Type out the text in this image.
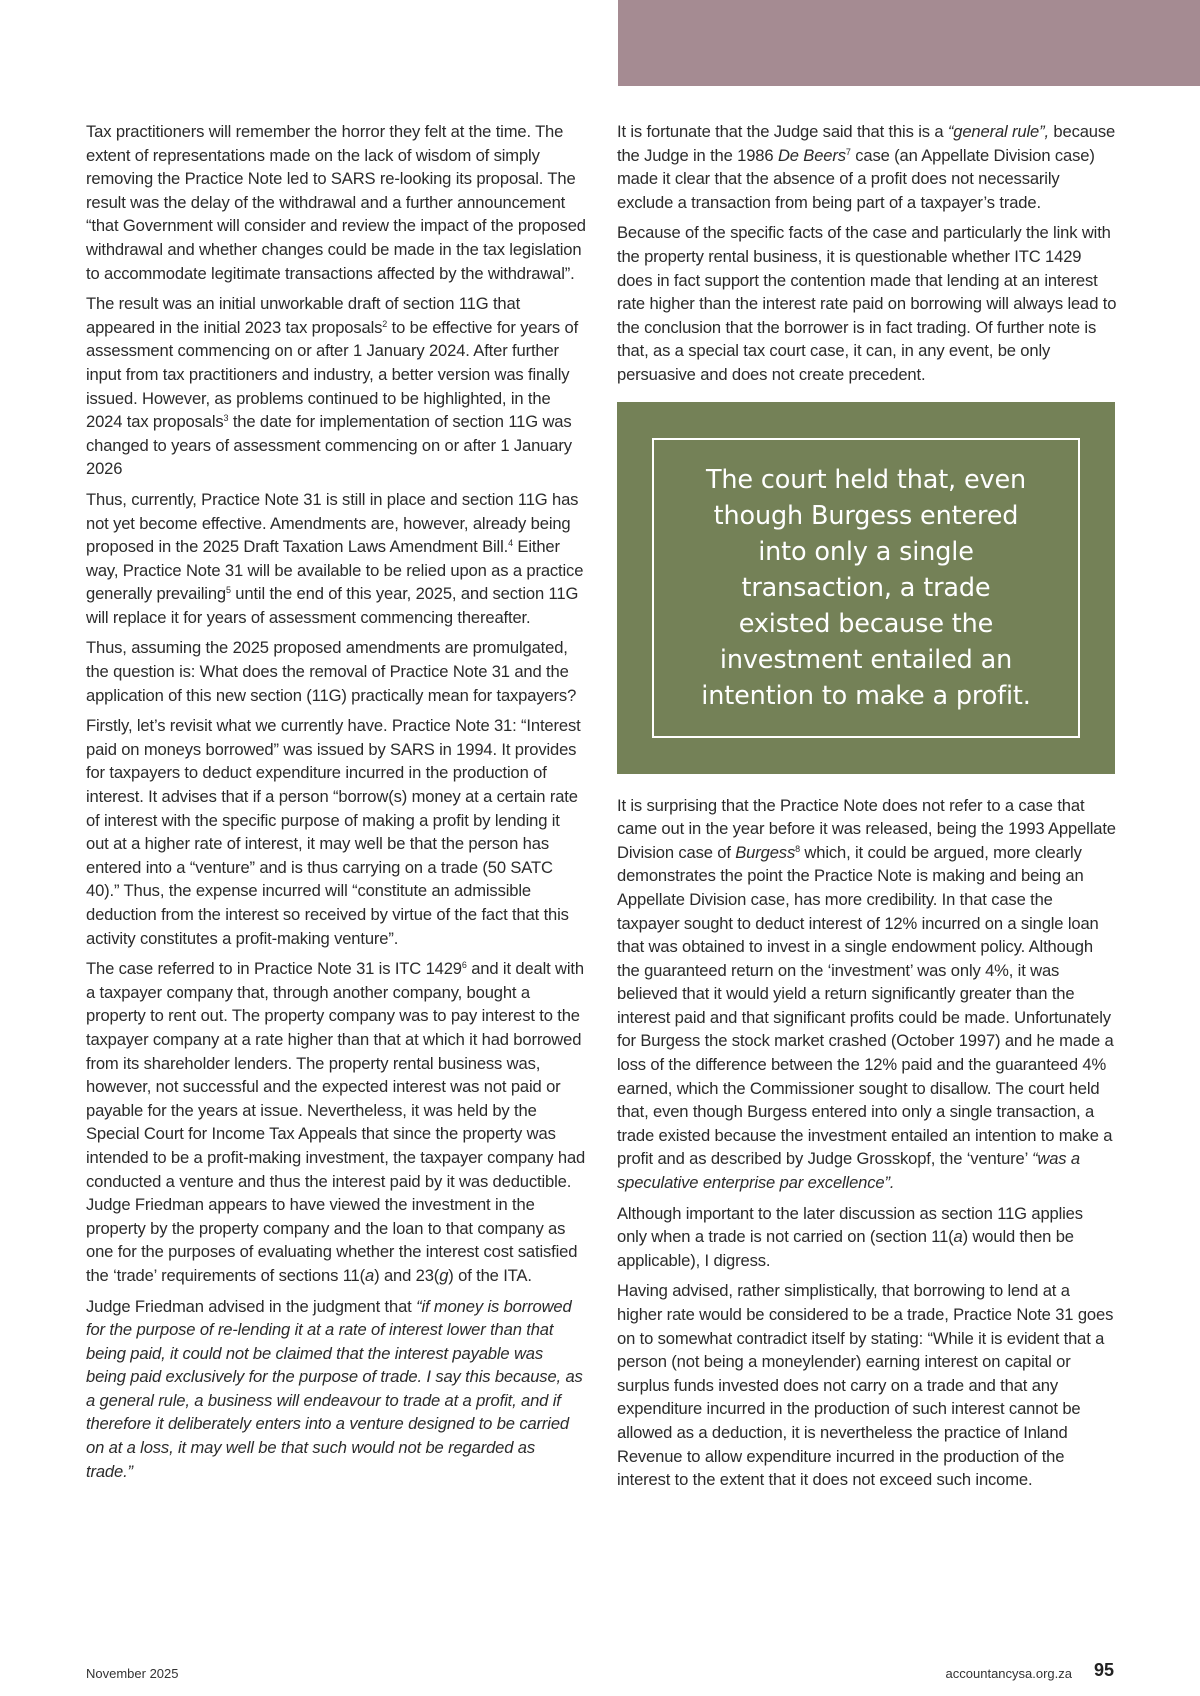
Tax practitioners will remember the horror they felt at the time. The extent of representations made on the lack of wisdom of simply removing the Practice Note led to SARS re-looking its proposal. The result was the delay of the withdrawal and a further announcement “that Government will consider and review the impact of the proposed withdrawal and whether changes could be made in the tax legislation to accommodate legitimate transactions affected by the withdrawal”.

The result was an initial unworkable draft of section 11G that appeared in the initial 2023 tax proposals$^2$ to be effective for years of assessment commencing on or after 1 January 2024. After further input from tax practitioners and industry, a better version was finally issued. However, as problems continued to be highlighted, in the 2024 tax proposals$^3$ the date for implementation of section 11G was changed to years of assessment commencing on or after 1 January 2026

Thus, currently, Practice Note 31 is still in place and section 11G has not yet become effective. Amendments are, however, already being proposed in the 2025 Draft Taxation Laws Amendment Bill.$^4$ Either way, Practice Note 31 will be available to be relied upon as a practice generally prevailing$^5$ until the end of this year, 2025, and section 11G will replace it for years of assessment commencing thereafter.

Thus, assuming the 2025 proposed amendments are promulgated, the question is: What does the removal of Practice Note 31 and the application of this new section (11G) practically mean for taxpayers?

Firstly, let’s revisit what we currently have. Practice Note 31: “Interest paid on moneys borrowed” was issued by SARS in 1994. It provides for taxpayers to deduct expenditure incurred in the production of interest. It advises that if a person “borrow(s) money at a certain rate of interest with the specific purpose of making a profit by lending it out at a higher rate of interest, it may well be that the person has entered into a “venture” and is thus carrying on a trade (50 SATC 40).” Thus, the expense incurred will “constitute an admissible deduction from the interest so received by virtue of the fact that this activity constitutes a profit-making venture”.

The case referred to in Practice Note 31 is ITC 1429$^6$ and it dealt with a taxpayer company that, through another company, bought a property to rent out. The property company was to pay interest to the taxpayer company at a rate higher than that at which it had borrowed from its shareholder lenders. The property rental business was, however, not successful and the expected interest was not paid or payable for the years at issue. Nevertheless, it was held by the Special Court for Income Tax Appeals that since the property was intended to be a profit-making investment, the taxpayer company had conducted a venture and thus the interest paid by it was deductible. Judge Friedman appears to have viewed the investment in the property by the property company and the loan to that company as one for the purposes of evaluating whether the interest cost satisfied the ‘trade’ requirements of sections 11(a) and 23(g) of the ITA.

Judge Friedman advised in the judgment that “if money is borrowed for the purpose of re-lending it at a rate of interest lower than that being paid, it could not be claimed that the interest payable was being paid exclusively for the purpose of trade. I say this because, as a general rule, a business will endeavour to trade at a profit, and if therefore it deliberately enters into a venture designed to be carried on at a loss, it may well be that such would not be regarded as trade.”

It is fortunate that the Judge said that this is a “general rule”, because the Judge in the 1986 De Beers$^7$ case (an Appellate Division case) made it clear that the absence of a profit does not necessarily exclude a transaction from being part of a taxpayer’s trade.

Because of the specific facts of the case and particularly the link with the property rental business, it is questionable whether ITC 1429 does in fact support the contention made that lending at an interest rate higher than the interest rate paid on borrowing will always lead to the conclusion that the borrower is in fact trading. Of further note is that, as a special tax court case, it can, in any event, be only persuasive and does not create precedent.

The court held that, even though Burgess entered into only a single transaction, a trade existed because the investment entailed an intention to make a profit.

It is surprising that the Practice Note does not refer to a case that came out in the year before it was released, being the 1993 Appellate Division case of Burgess$^8$ which, it could be argued, more clearly demonstrates the point the Practice Note is making and being an Appellate Division case, has more credibility. In that case the taxpayer sought to deduct interest of 12% incurred on a single loan that was obtained to invest in a single endowment policy. Although the guaranteed return on the ‘investment’ was only 4%, it was believed that it would yield a return significantly greater than the interest paid and that significant profits could be made. Unfortunately for Burgess the stock market crashed (October 1997) and he made a loss of the difference between the 12% paid and the guaranteed 4% earned, which the Commissioner sought to disallow. The court held that, even though Burgess entered into only a single transaction, a trade existed because the investment entailed an intention to make a profit and as described by Judge Grosskopf, the ‘venture’ “was a speculative enterprise par excellence”.

Although important to the later discussion as section 11G applies only when a trade is not carried on (section 11(a) would then be applicable), I digress.

Having advised, rather simplistically, that borrowing to lend at a higher rate would be considered to be a trade, Practice Note 31 goes on to somewhat contradict itself by stating: “While it is evident that a person (not being a moneylender) earning interest on capital or surplus funds invested does not carry on a trade and that any expenditure incurred in the production of such interest cannot be allowed as a deduction, it is nevertheless the practice of Inland Revenue to allow expenditure incurred in the production of the interest to the extent that it does not exceed such income.

November 2025	accountancysa.org.za 95
